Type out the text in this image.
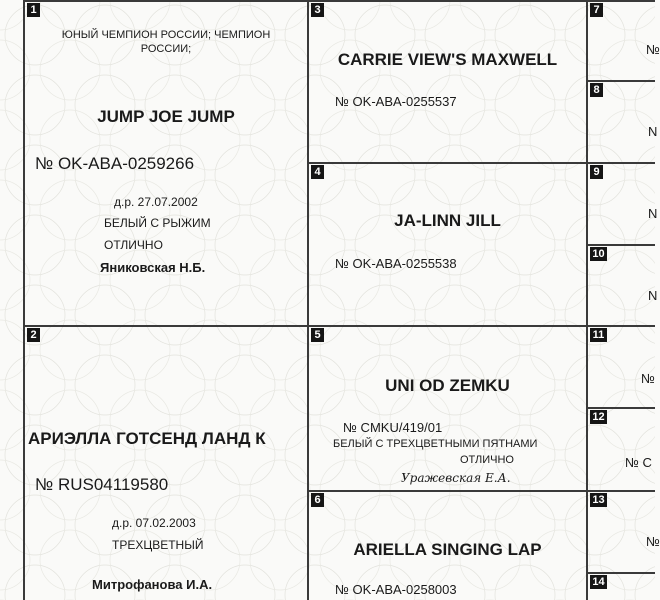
1
ЮНЫЙ ЧЕМПИОН РОССИИ; ЧЕМПИОН РОССИИ;
JUMP JOE JUMP
№ OK-ABA-0259266
д.р. 27.07.2002
БЕЛЫЙ С РЫЖИМ
ОТЛИЧНО
Яниковская Н.Б.
2
АРИЭЛЛА ГОТСЕНД ЛАНД К
№ RUS04119580
д.р. 07.02.2003
ТРЕХЦВЕТНЫЙ
Митрофанова И.А.
3
CARRIE VIEW'S MAXWELL
№ OK-ABA-0255537
4
JA-LINN JILL
№ OK-ABA-0255538
5
UNI OD ZEMKU
№ CMKU/419/01
БЕЛЫЙ С ТРЕХЦВЕТНЫМИ ПЯТНАМИ
ОТЛИЧНО
Уражевская Е.А.
6
ARIELLA SINGING LAP
№ OK-ABA-0258003
7
№
8
N
9
N
10
N
11
№
12
№ С
13
№
14
